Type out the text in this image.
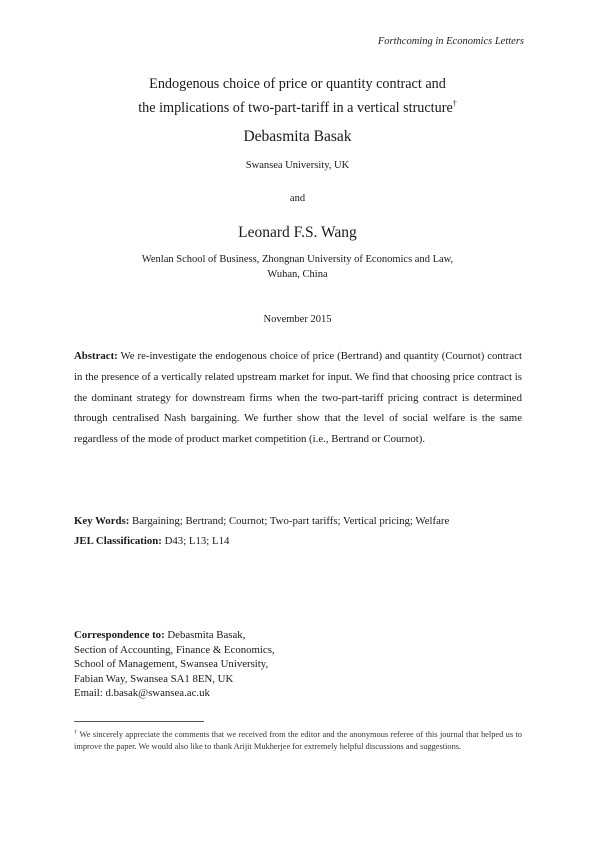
Forthcoming in Economics Letters
Endogenous choice of price or quantity contract and
the implications of two-part-tariff in a vertical structure†
Debasmita Basak
Swansea University, UK
and
Leonard F.S. Wang
Wenlan School of Business, Zhongnan University of Economics and Law,
Wuhan, China
November 2015
Abstract: We re-investigate the endogenous choice of price (Bertrand) and quantity (Cournot) contract in the presence of a vertically related upstream market for input. We find that choosing price contract is the dominant strategy for downstream firms when the two-part-tariff pricing contract is determined through centralised Nash bargaining. We further show that the level of social welfare is the same regardless of the mode of product market competition (i.e., Bertrand or Cournot).
Key Words: Bargaining; Bertrand; Cournot; Two-part tariffs; Vertical pricing; Welfare
JEL Classification: D43; L13; L14
Correspondence to: Debasmita Basak,
Section of Accounting, Finance & Economics,
School of Management, Swansea University,
Fabian Way, Swansea SA1 8EN, UK
Email: d.basak@swansea.ac.uk
† We sincerely appreciate the comments that we received from the editor and the anonymous referee of this journal that helped us to improve the paper. We would also like to thank Arijit Mukherjee for extremely helpful discussions and suggestions.
